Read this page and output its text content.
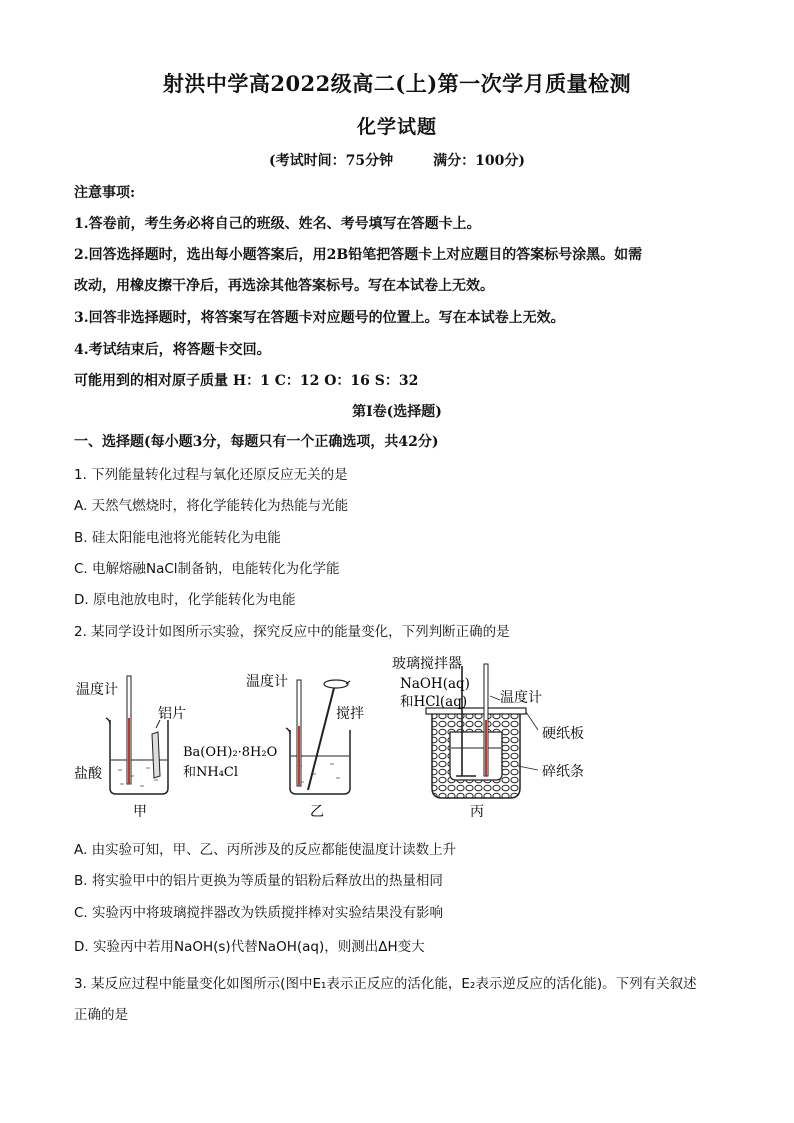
射洪中学高2022级高二(上)第一次学月质量检测
化学试题
(考试时间：75分钟	满分：100分)
注意事项:
1.答卷前，考生务必将自己的班级、姓名、考号填写在答题卡上。
2.回答选择题时，选出每小题答案后，用2B铅笔把答题卡上对应题目的答案标号涂黑。如需
改动，用橡皮擦干净后，再选涂其他答案标号。写在本试卷上无效。
3.回答非选择题时，将答案写在答题卡对应题号的位置上。写在本试卷上无效。
4.考试结束后，将答题卡交回。
可能用到的相对原子质量 H：1 C：12 O：16 S：32
第I卷(选择题)
一、选择题(每小题3分，每题只有一个正确选项，共42分)
1. 下列能量转化过程与氧化还原反应无关的是
A. 天然气燃烧时，将化学能转化为热能与光能
B. 硅太阳能电池将光能转化为电能
C. 电解熔融NaCl制备钠，电能转化为化学能
D. 原电池放电时，化学能转化为电能
2. 某同学设计如图所示实验，探究反应中的能量变化，下列判断正确的是
温度计
铝片
盐酸
甲
温度计
搅拌
Ba(OH)₂·8H₂O
和NH₄Cl
乙
玻璃搅拌器
NaOH(aq)
和HCl(aq) 温度计
硬纸板
碎纸条
丙
A. 由实验可知，甲、乙、丙所涉及的反应都能使温度计读数上升
B. 将实验甲中的铝片更换为等质量的铝粉后释放出的热量相同
C. 实验丙中将玻璃搅拌器改为铁质搅拌棒对实验结果没有影响
D. 实验丙中若用NaOH(s)代替NaOH(aq)，则测出ΔH变大
3. 某反应过程中能量变化如图所示(图中E₁表示正反应的活化能，E₂表示逆反应的活化能)。下列有关叙述
正确的是
